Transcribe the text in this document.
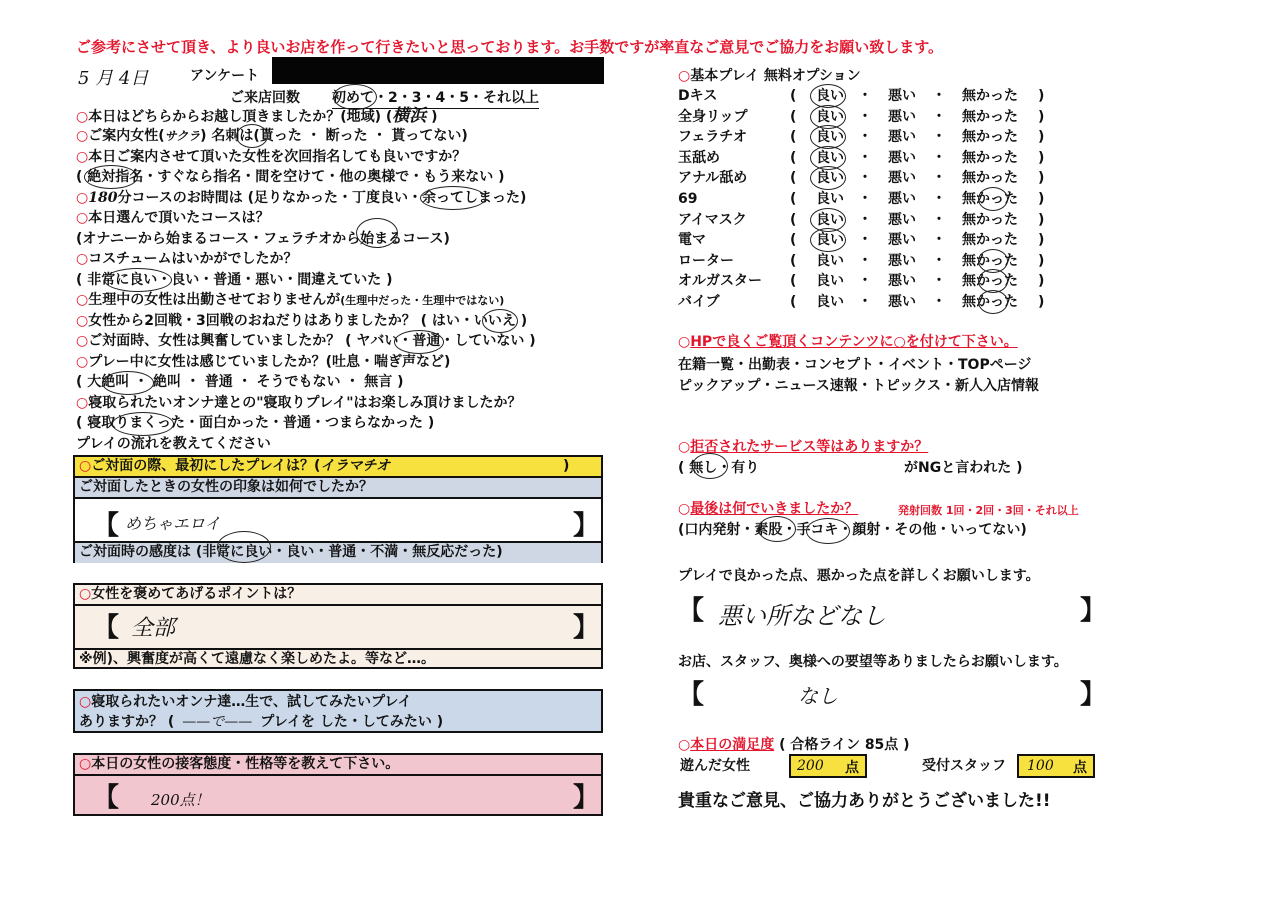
ご参考にさせて頂き、より良いお店を作って行きたいと思っております。お手数ですが率直なご意見でご協力をお願い致します。
5 月 4日	アンケート
ご来店回数 初めて・2・3・4・5・それ以上
○本日はどちらからお越し頂きましたか？(地域) (横浜 )
○ご案内女性(サクラ) 名刺は(貰った ・ 断った ・ 貰ってない)
○本日ご案内させて頂いた女性を次回指名しても良いですか？
( 絶対指名・すぐなら指名・間を空けて・他の奥様で・もう来ない )
○180分コースのお時間は (足りなかった・丁度良い・余ってしまった)
○本日選んで頂いたコースは？
(オナニーから始まるコース・フェラチオから始まるコース)
○コスチュームはいかがでしたか？
( 非常に良い・良い・普通・悪い・間違えていた )
○生理中の女性は出勤させておりませんが(生理中だった・生理中ではない)
○女性から2回戦・3回戦のおねだりはありましたか？ ( はい・いいえ )
○ご対面時、女性は興奮していましたか？ ( ヤバい・普通・していない )
○プレー中に女性は感じていましたか？(吐息・喘ぎ声など)
( 大絶叫 ・ 絶叫 ・ 普通 ・ そうでもない ・ 無言 )
○寝取られたいオンナ達との"寝取りプレイ"はお楽しみ頂けましたか？
( 寝取りまくった・面白かった・普通・つまらなかった )
プレイの流れを教えてください
○ご対面の際、最初にしたプレイは？(イラマチオ	)
ご対面したときの女性の印象は如何でしたか？
【 めちゃエロイ	】
ご対面時の感度は (非常に良い・良い・普通・不満・無反応だった)
○女性を褒めてあげるポイントは？
【 全部	】
※例)、興奮度が高くて遠慮なく楽しめたよ。等など…。
○寝取られたいオンナ達…生で、試してみたいプレイ
ありますか？ ( ——で—— プレイを した・してみたい )
○本日の女性の接客態度・性格等を教えて下さい。
【 200点！	】
○基本プレイ 無料オプション
Dキス	( 良い ・ 悪い ・ 無かった )
全身リップ	( 良い ・ 悪い ・ 無かった )
フェラチオ	( 良い ・ 悪い ・ 無かった )
玉舐め	( 良い ・ 悪い ・ 無かった )
アナル舐め	( 良い ・ 悪い ・ 無かった )
69	( 良い ・ 悪い ・ 無かった )
アイマスク	( 良い ・ 悪い ・ 無かった )
電マ	( 良い ・ 悪い ・ 無かった )
ローター	( 良い ・ 悪い ・ 無かった )
オルガスター ( 良い ・ 悪い ・ 無かった )
バイブ	( 良い ・ 悪い ・ 無かった )
○HPで良くご覧頂くコンテンツに○を付けて下さい。
在籍一覧・出勤表・コンセプト・イベント・TOPページ
ピックアップ・ニュース速報・トピックス・新人入店情報
○拒否されたサービス等はありますか？
( 無し・有り	がNGと言われた )
○最後は何でいきましたか？	発射回数 1回・2回・3回・それ以上
(口内発射・素股・手コキ・顔射・その他・いってない)
プレイで良かった点、悪かった点を詳しくお願いします。
【 悪い所などなし	】
お店、スタッフ、奥様への要望等ありましたらお願いします。
【	なし	】
○本日の満足度 ( 合格ライン 85点 )
遊んだ女性	200 点	受付スタッフ 100 点
貴重なご意見、ご協力ありがとうございました!!
